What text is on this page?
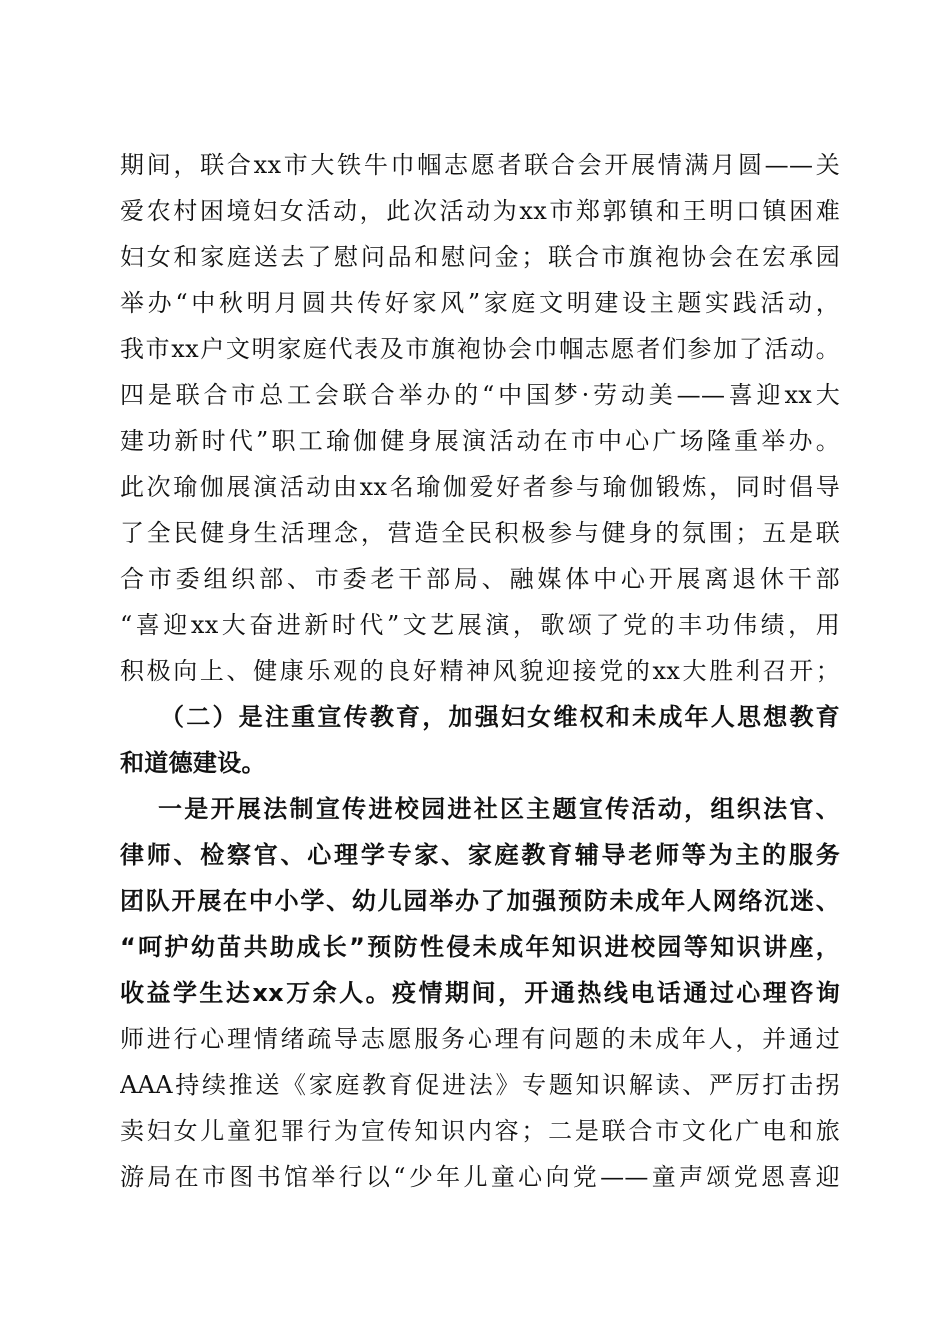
期间，联合xx市大铁牛巾帼志愿者联合会开展情满月圆——关
爱农村困境妇女活动，此次活动为xx市郑郭镇和王明口镇困难
妇女和家庭送去了慰问品和慰问金；联合市旗袍协会在宏承园
举办“中秋明月圆共传好家风”家庭文明建设主题实践活动，
我市xx户文明家庭代表及市旗袍协会巾帼志愿者们参加了活动。
四是联合市总工会联合举办的“中国梦·劳动美——喜迎xx大
建功新时代”职工瑜伽健身展演活动在市中心广场隆重举办。
此次瑜伽展演活动由xx名瑜伽爱好者参与瑜伽锻炼，同时倡导
了全民健身生活理念，营造全民积极参与健身的氛围；五是联
合市委组织部、市委老干部局、融媒体中心开展离退休干部
“喜迎xx大奋进新时代”文艺展演，歌颂了党的丰功伟绩，用
积极向上、健康乐观的良好精神风貌迎接党的xx大胜利召开；
（二）是注重宣传教育，加强妇女维权和未成年人思想教育
和道德建设。
一是开展法制宣传进校园进社区主题宣传活动，组织法官、
律师、检察官、心理学专家、家庭教育辅导老师等为主的服务
团队开展在中小学、幼儿园举办了加强预防未成年人网络沉迷、
“呵护幼苗共助成长”预防性侵未成年知识进校园等知识讲座，
收益学生达xx万余人。疫情期间，开通热线电话通过心理咨询
师进行心理情绪疏导志愿服务心理有问题的未成年人，并通过
AAA持续推送《家庭教育促进法》专题知识解读、严厉打击拐
卖妇女儿童犯罪行为宣传知识内容；二是联合市文化广电和旅
游局在市图书馆举行以“少年儿童心向党——童声颂党恩喜迎
